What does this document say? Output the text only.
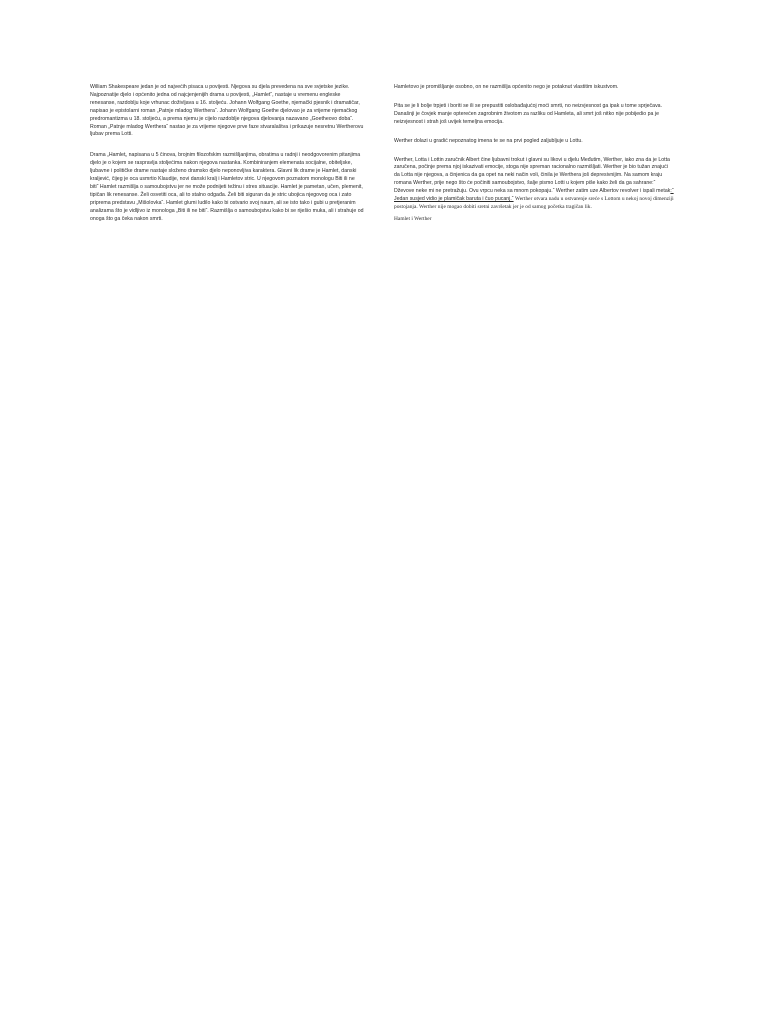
William Shakespeare jedan je od najvećih pisaca u povijesti. Njegova su djela prevedena na sve svjetske jezike. Najpoznatije djelo i općenito jedna od najcjenjenijih drama u povijesti, „Hamlet“, nastaje u vremenu engleske renesanse, razdoblju koje vrhunac doživljava u 16. stoljeću. Johann Wolfgang Goethe, njemački pjesnik i dramatičar, napisao je epistolarni roman „Patnje mladog Werthera“. Johann Wolfgang Goethe djelovao je za vrijeme njemačkog predromantizma u 18. stoljeću, a prema njemu je cijelo razdoblje njegova djelovanja nazavano „Goetheovo doba“. Roman „Patnje mladog Werthera“ nastao je za vrijeme njegove prve faze stvaralaštva i prikazuje nesretnu Wertherovu ljubav prema Lotti.

Drama „Hamlet„ napisana u 5 činova, brojnim filozofskim razmišljanjima, obratima u radnji i neodgovorenim pitanjima djelo je o kojem se raspravlja stoljećima nakon njegova nastanka. Kombiniranjem elemenata socijalne, obiteljske, ljubavne i političke drame nastaje složeno dramsko djelo neponovljiva karaktera. Glavni lik drame je Hamlet, danski kraljević, čijeg je oca usmrtio Klaudije, novi danski kralj i Hamletov stric. U njegovom poznatom monologu Biti ili ne biti“ Hamlet razmišlja o samoubojstvu jer ne može podnijeti težinu i stres situacije. Hamlet je pametan, učen, plemenit, tipičan lik renesanse. Želi osvetiti oca, ali to stalno odgađa. Želi biti siguran da je stric ubojica njegovog oca i zato priprema predstavu „Mišolovka“. Hamlet glumi ludilo kako bi ostvario svoj naum, ali se isto tako i gubi u pretjeranim analizama što je vidljivo iz monologa „Biti ili ne biti“. Razmišlja o samoubojstvu kako bi se riješio muka, ali i strahuje od onoga što ga čeka nakon smrti.

Hamletovo je promišljanje osobno, on ne razmišlja općenito nego je potaknut vlastitim iskustvom.

Pita se je li bolje trpjeti i boriti se ili se prepustiti oslobađajućoj moći smrti, no neizvjesnost ga ipak u tome sprječava. Današnji je čovjek manje opterećen zagrobnim životom za razliku od Hamleta, ali smrt još nitko nije pobijedio pa je neizvjesnost i strah još uvijek temeljna emocija.

Werther dolazi u gradić nepoznatog imena te se na prvi pogled zaljubljuje u Lottu.

Werther, Lotta i Lottin zaručnik Albert čine ljubavni trokut i glavni su likovi u djelu Međutim, Werther, iako zna da je Lotta zaručena, počinje prema njoj iskazivati emocije, stoga nije spreman racionalno razmišljati. Werther je bio tužan znajući da Lotta nije njegova, a činjenica da ga opet na neki način voli, činila je Werthera još depresivnijim. Na samom kraju romana Werther, prije nego što će počiniti samoubojstvo, šalje pismo Lotti u kojem piše kako želi da ga sahrane:“ Dževove neke mi ne pretražuju. Ovu vrpcu neka sa mnom pokopaju.“ Werther zatim uze Albertov revolver i ispali metak:“ Jedan susjed vidio je plamičak baruta i čuo pucanj.“ Werther otvara nadu u ostvarenje sreće s Lottom u nekoj novoj dimenziji postojanja. Werther nije mogao dobiti sretni završetak jer je od samog početka tragičan lik.

Hamlet i Werther
